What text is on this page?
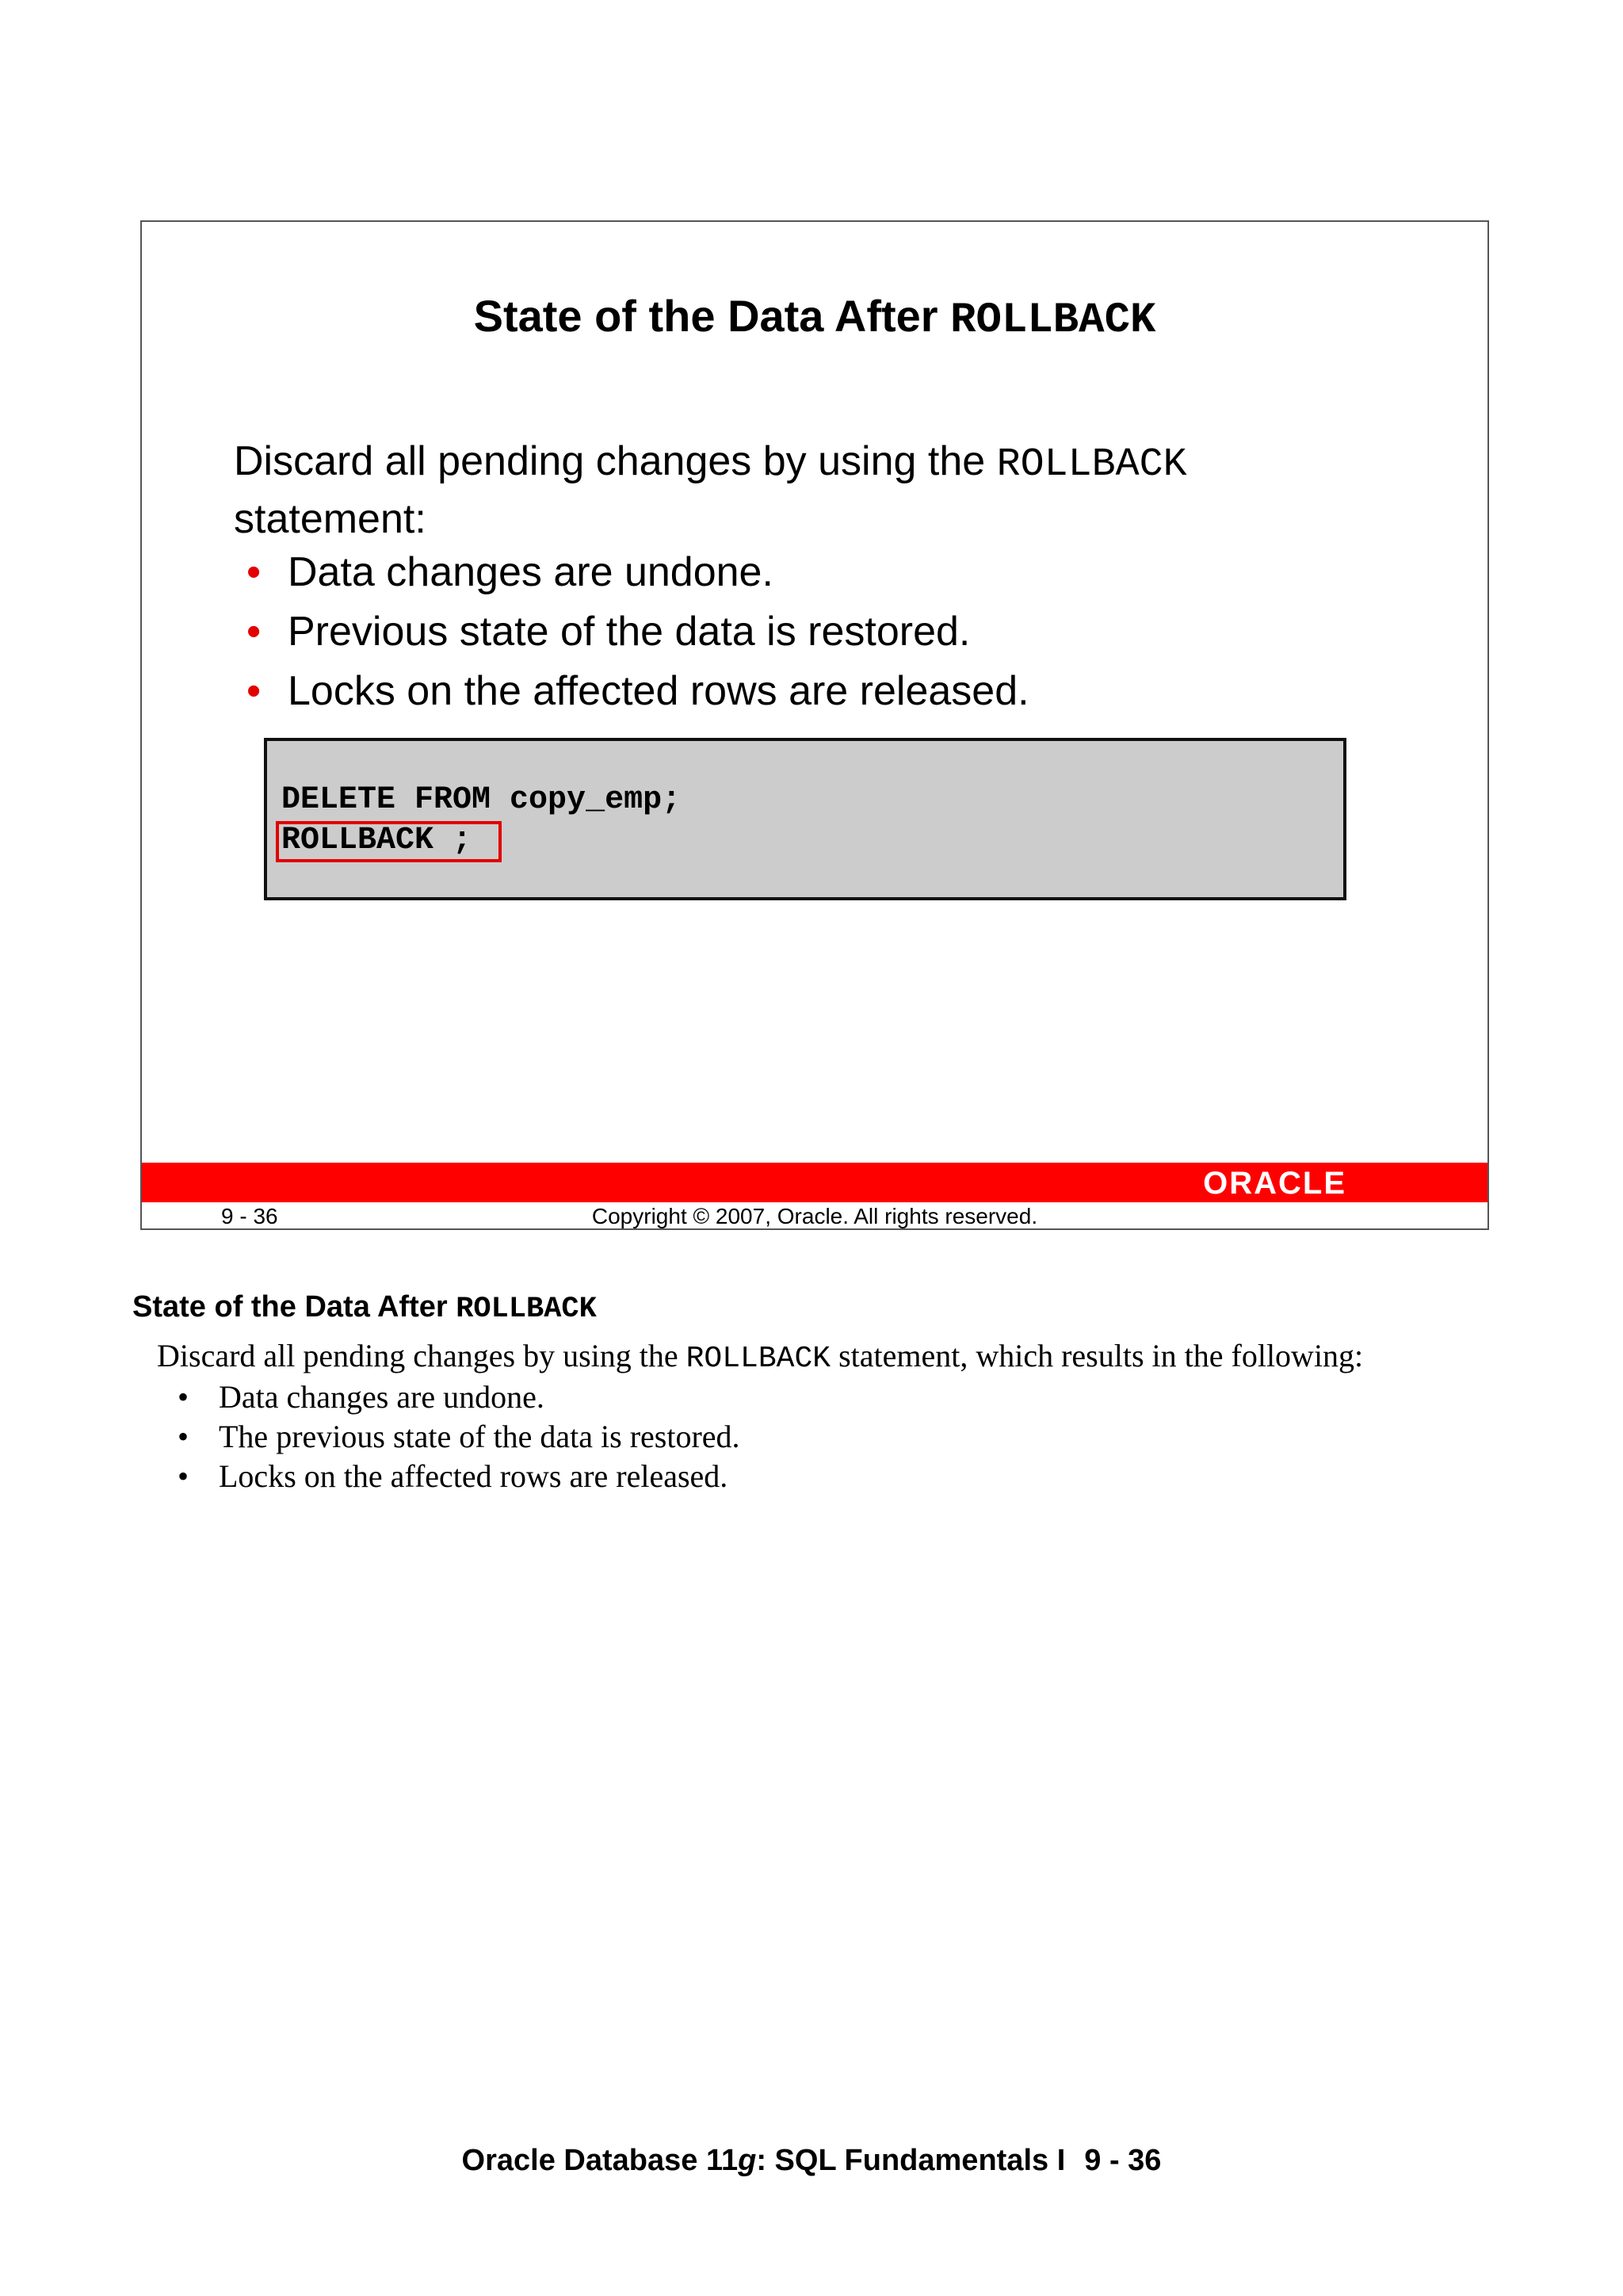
State of the Data After ROLLBACK
Discard all pending changes by using the ROLLBACK
statement:
• Data changes are undone.
• Previous state of the data is restored.
• Locks on the affected rows are released.
DELETE FROM copy_emp;
ROLLBACK ;
ORACLE
Copyright © 2007, Oracle. All rights reserved.
9 - 36
State of the Data After ROLLBACK
Discard all pending changes by using the ROLLBACK statement, which results in the following:
• Data changes are undone.
• The previous state of the data is restored.
• Locks on the affected rows are released.
Oracle Database 11g: SQL Fundamentals I 9 - 36
